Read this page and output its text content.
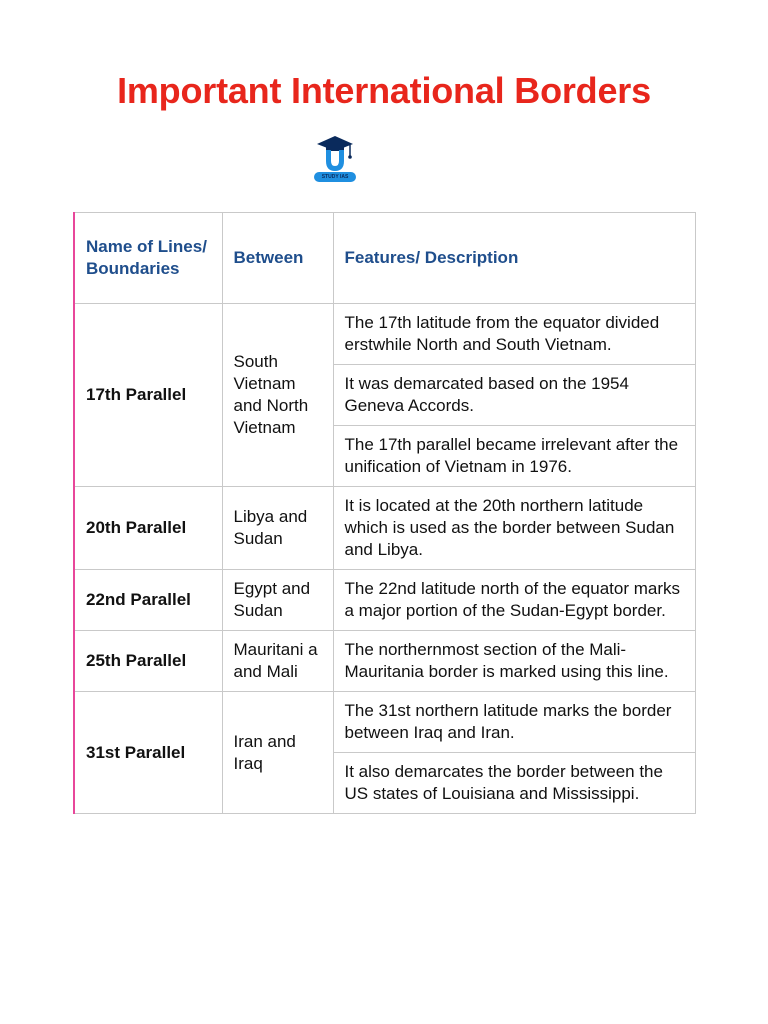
Important International Borders
STUDY IAS
Name of Lines/ Boundaries	Between	Features/ Description
17th Parallel	South Vietnam and North Vietnam	The 17th latitude from the equator divided erstwhile North and South Vietnam.
		It was demarcated based on the 1954 Geneva Accords.
		The 17th parallel became irrelevant after the unification of Vietnam in 1976.
20th Parallel	Libya and Sudan	It is located at the 20th northern latitude which is used as the border between Sudan and Libya.
22nd Parallel	Egypt and Sudan	The 22nd latitude north of the equator marks a major portion of the Sudan-Egypt border.
25th Parallel	Mauritani a and Mali	The northernmost section of the Mali-Mauritania border is marked using this line.
31st Parallel	Iran and Iraq	The 31st northern latitude marks the border between Iraq and Iran.
		It also demarcates the border between the US states of Louisiana and Mississippi.
